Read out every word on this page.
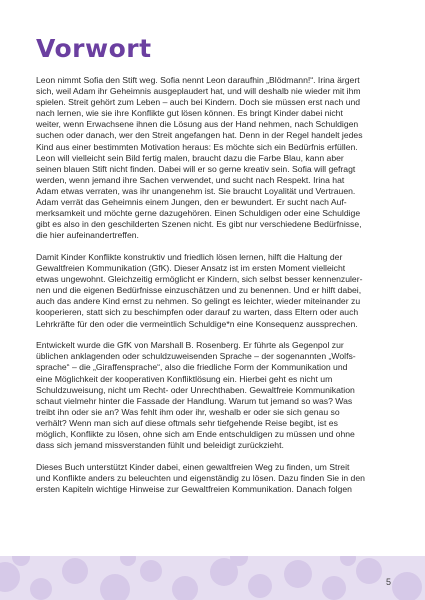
Vorwort

Leon nimmt Sofia den Stift weg. Sofia nennt Leon daraufhin „Blödmann!“. Irina ärgert
sich, weil Adam ihr Geheimnis ausgeplaudert hat, und will deshalb nie wieder mit ihm
spielen. Streit gehört zum Leben – auch bei Kindern. Doch sie müssen erst nach und
nach lernen, wie sie ihre Konflikte gut lösen können. Es bringt Kinder dabei nicht
weiter, wenn Erwachsene ihnen die Lösung aus der Hand nehmen, nach Schuldigen
suchen oder danach, wer den Streit angefangen hat. Denn in der Regel handelt jedes
Kind aus einer bestimmten Motivation heraus: Es möchte sich ein Bedürfnis erfüllen.
Leon will vielleicht sein Bild fertig malen, braucht dazu die Farbe Blau, kann aber
seinen blauen Stift nicht finden. Dabei will er so gerne kreativ sein. Sofia will gefragt
werden, wenn jemand ihre Sachen verwendet, und sucht nach Respekt. Irina hat
Adam etwas verraten, was ihr unangenehm ist. Sie braucht Loyalität und Vertrauen.
Adam verrät das Geheimnis einem Jungen, den er bewundert. Er sucht nach Auf-
merksamkeit und möchte gerne dazugehören. Einen Schuldigen oder eine Schuldige
gibt es also in den geschilderten Szenen nicht. Es gibt nur verschiedene Bedürfnisse,
die hier aufeinandertreffen.

Damit Kinder Konflikte konstruktiv und friedlich lösen lernen, hilft die Haltung der
Gewaltfreien Kommunikation (GfK). Dieser Ansatz ist im ersten Moment vielleicht
etwas ungewohnt. Gleichzeitig ermöglicht er Kindern, sich selbst besser kennenzuler-
nen und die eigenen Bedürfnisse einzuschätzen und zu benennen. Und er hilft dabei,
auch das andere Kind ernst zu nehmen. So gelingt es leichter, wieder miteinander zu
kooperieren, statt sich zu beschimpfen oder darauf zu warten, dass Eltern oder auch
Lehrkräfte für den oder die vermeintlich Schuldige*n eine Konsequenz aussprechen.

Entwickelt wurde die GfK von Marshall B. Rosenberg. Er führte als Gegenpol zur
üblichen anklagenden oder schuldzuweisenden Sprache – der sogenannten „Wolfs-
sprache“ – die „Giraffensprache“, also die friedliche Form der Kommunikation und
eine Möglichkeit der kooperativen Konfliktlösung ein. Hierbei geht es nicht um
Schuldzuweisung, nicht um Recht- oder Unrechthaben. Gewaltfreie Kommunikation
schaut vielmehr hinter die Fassade der Handlung. Warum tut jemand so was? Was
treibt ihn oder sie an? Was fehlt ihm oder ihr, weshalb er oder sie sich genau so
verhält? Wenn man sich auf diese oftmals sehr tiefgehende Reise begibt, ist es
möglich, Konflikte zu lösen, ohne sich am Ende entschuldigen zu müssen und ohne
dass sich jemand missverstanden fühlt und beleidigt zurückzieht.

Dieses Buch unterstützt Kinder dabei, einen gewaltfreien Weg zu finden, um Streit
und Konflikte anders zu beleuchten und eigenständig zu lösen. Dazu finden Sie in den
ersten Kapiteln wichtige Hinweise zur Gewaltfreien Kommunikation. Danach folgen

5
